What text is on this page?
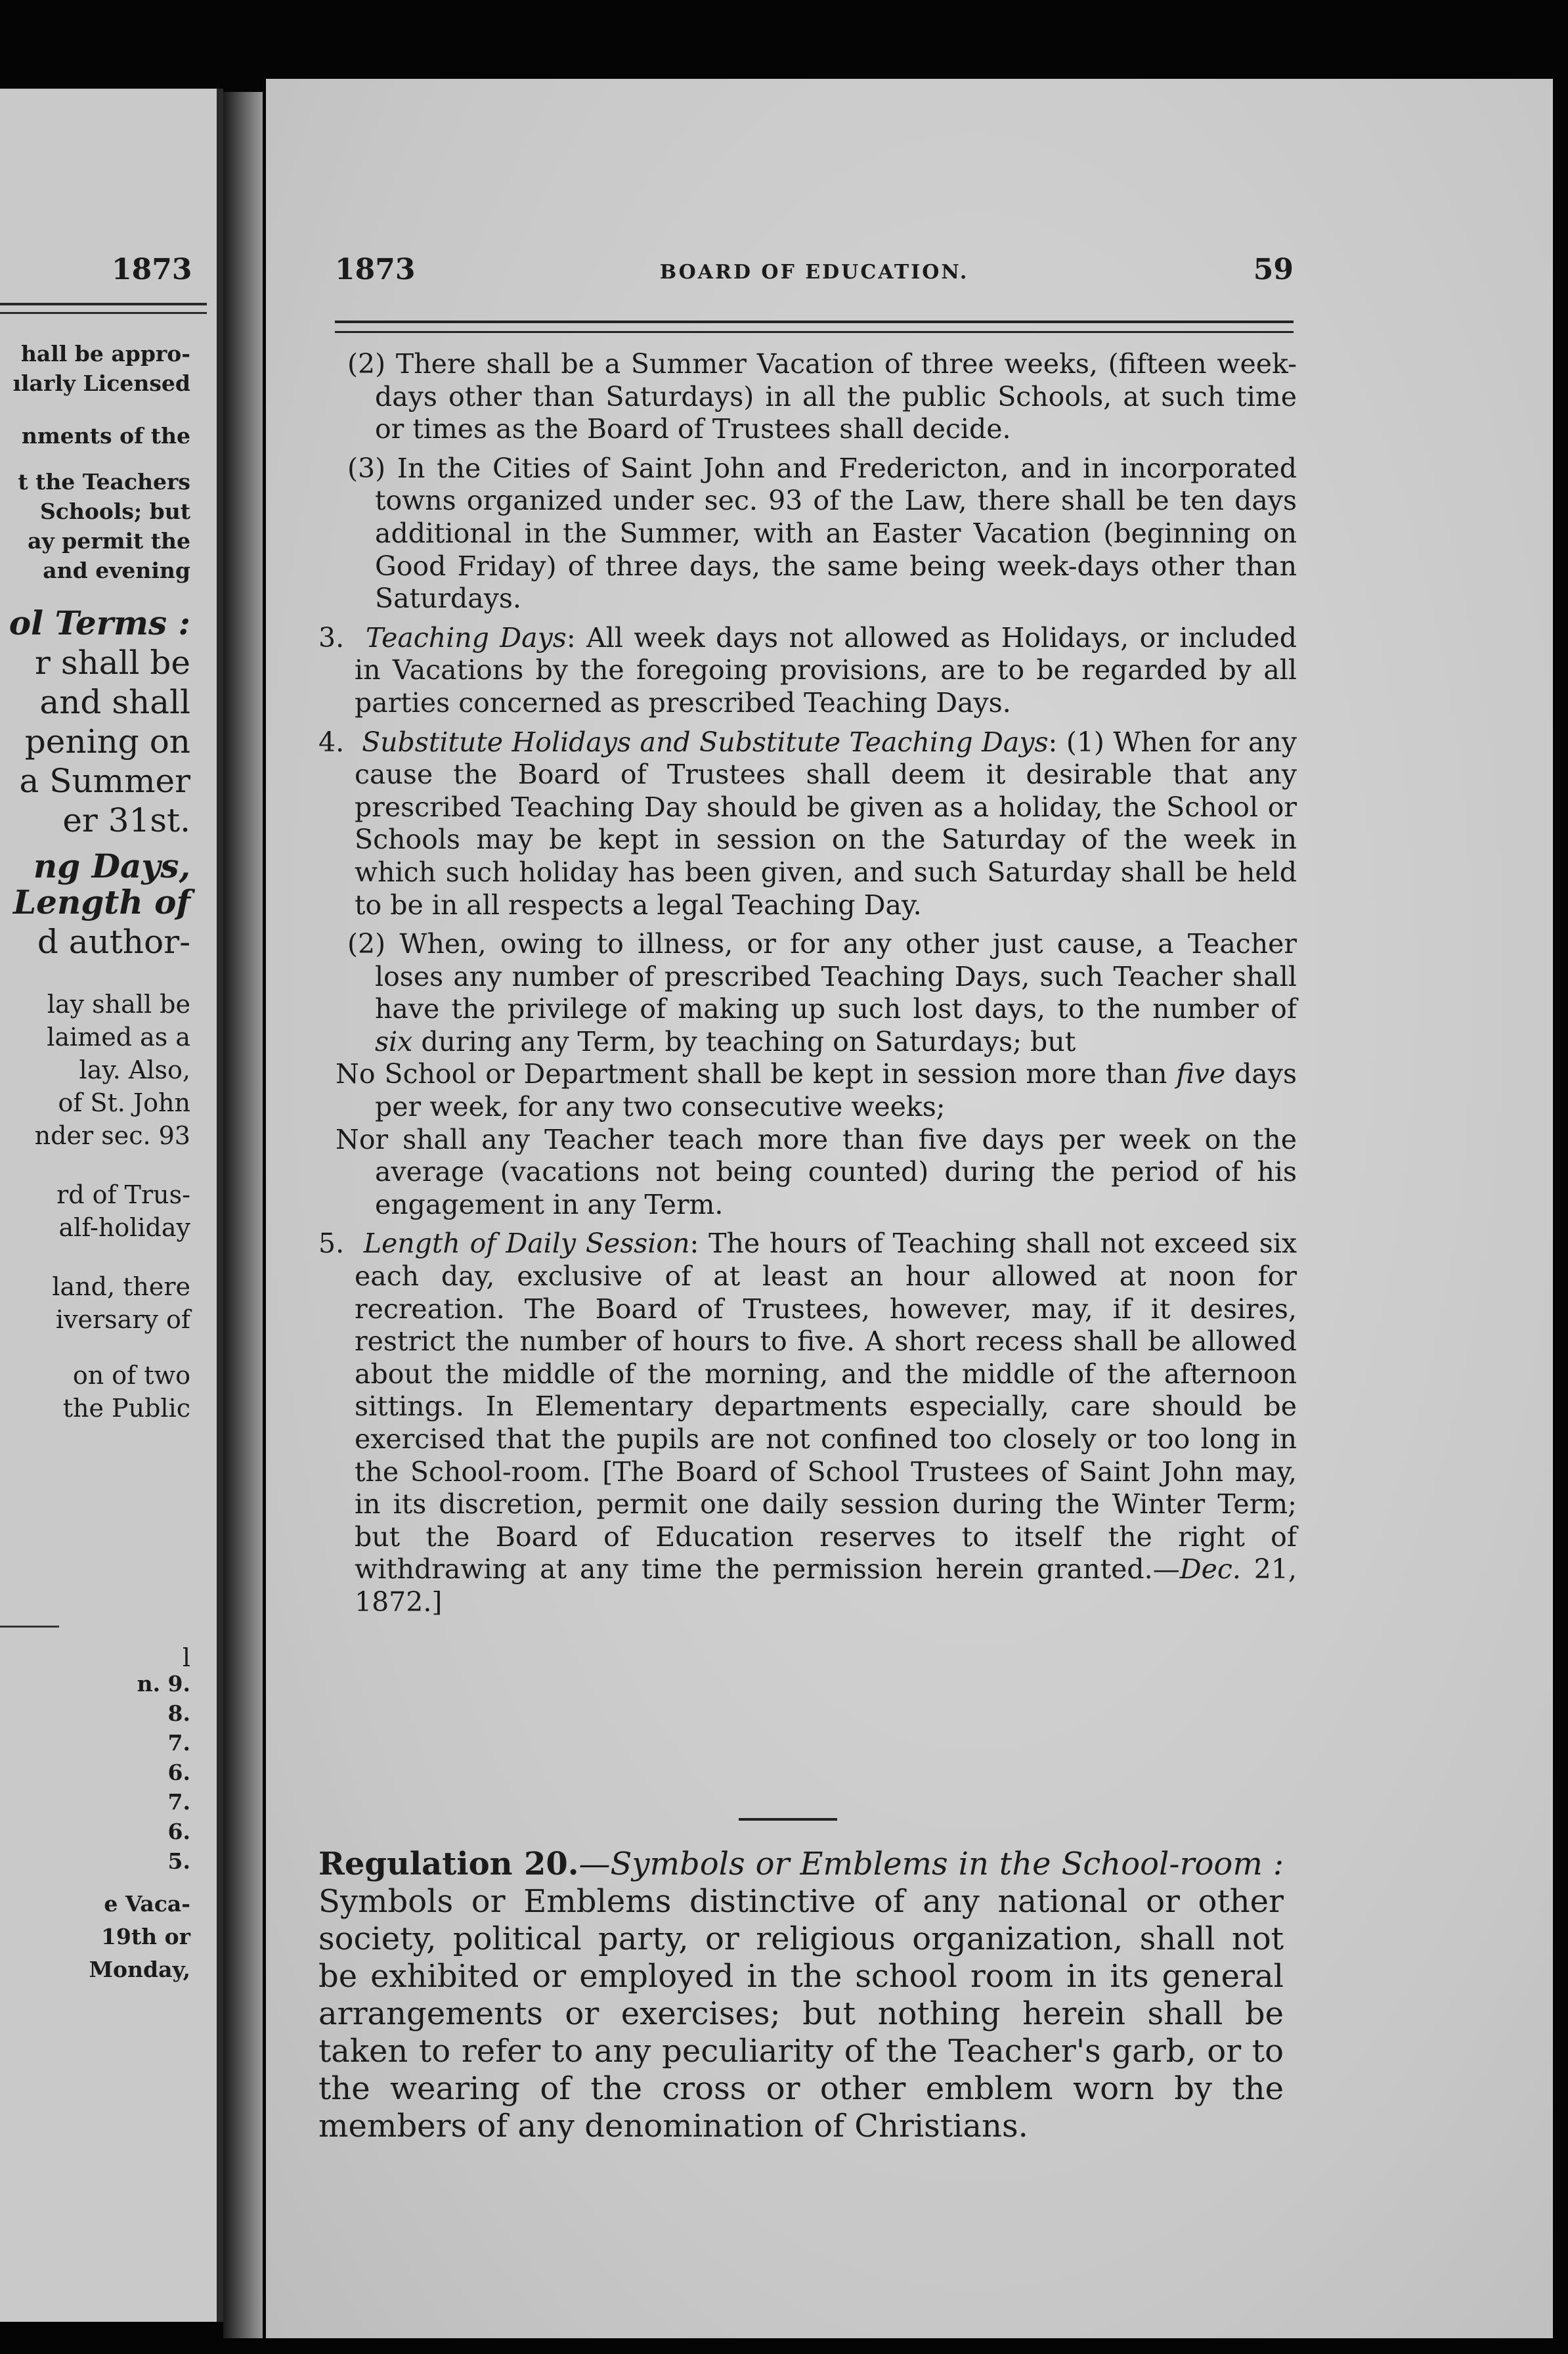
1873
hall be appro-
ılarly Licensed
nments of the
t the Teachers
Schools; but
ay permit the
and evening
ol Terms :
r shall be
and shall
pening on
a Summer
er 31st.
ng Days,
Length of
d author-
lay shall be
laimed as a
lay. Also,
of St. John
nder sec. 93
rd of Trus-
alf-holiday
land, there
iversary of
on of two
the Public
l
n. 9.
8.
7.
6.
7.
6.
5.
e Vaca-
19th or
Monday,
1873	BOARD OF EDUCATION.	59

(2) There shall be a Summer Vacation of three weeks, (fifteen week-days other than Saturdays) in all the public Schools, at such time or times as the Board of Trustees shall decide.

(3) In the Cities of Saint John and Fredericton, and in incorporated towns organized under sec. 93 of the Law, there shall be ten days additional in the Summer, with an Easter Vacation (beginning on Good Friday) of three days, the same being week-days other than Saturdays.

3.  Teaching Days: All week days not allowed as Holidays, or included in Vacations by the foregoing provisions, are to be regarded by all parties concerned as prescribed Teaching Days.

4.  Substitute Holidays and Substitute Teaching Days: (1) When for any cause the Board of Trustees shall deem it desirable that any prescribed Teaching Day should be given as a holiday, the School or Schools may be kept in session on the Saturday of the week in which such holiday has been given, and such Saturday shall be held to be in all respects a legal Teaching Day.

(2) When, owing to illness, or for any other just cause, a Teacher loses any number of prescribed Teaching Days, such Teacher shall have the privilege of making up such lost days, to the number of six during any Term, by teaching on Saturdays; but

No School or Department shall be kept in session more than five days per week, for any two consecutive weeks;

Nor shall any Teacher teach more than five days per week on the average (vacations not being counted) during the period of his engagement in any Term.

5.  Length of Daily Session: The hours of Teaching shall not exceed six each day, exclusive of at least an hour allowed at noon for recreation. The Board of Trustees, however, may, if it desires, restrict the number of hours to five. A short recess shall be allowed about the middle of the morning, and the middle of the afternoon sittings. In Elementary departments especially, care should be exercised that the pupils are not confined too closely or too long in the School-room. [The Board of School Trustees of Saint John may, in its discretion, permit one daily session during the Winter Term; but the Board of Education reserves to itself the right of withdrawing at any time the permission herein granted.—Dec. 21, 1872.]

Regulation 20.—Symbols or Emblems in the School-room : Symbols or Emblems distinctive of any national or other society, political party, or religious organization, shall not be exhibited or employed in the school room in its general arrangements or exercises; but nothing herein shall be taken to refer to any peculiarity of the Teacher's garb, or to the wearing of the cross or other emblem worn by the members of any denomination of Christians.
